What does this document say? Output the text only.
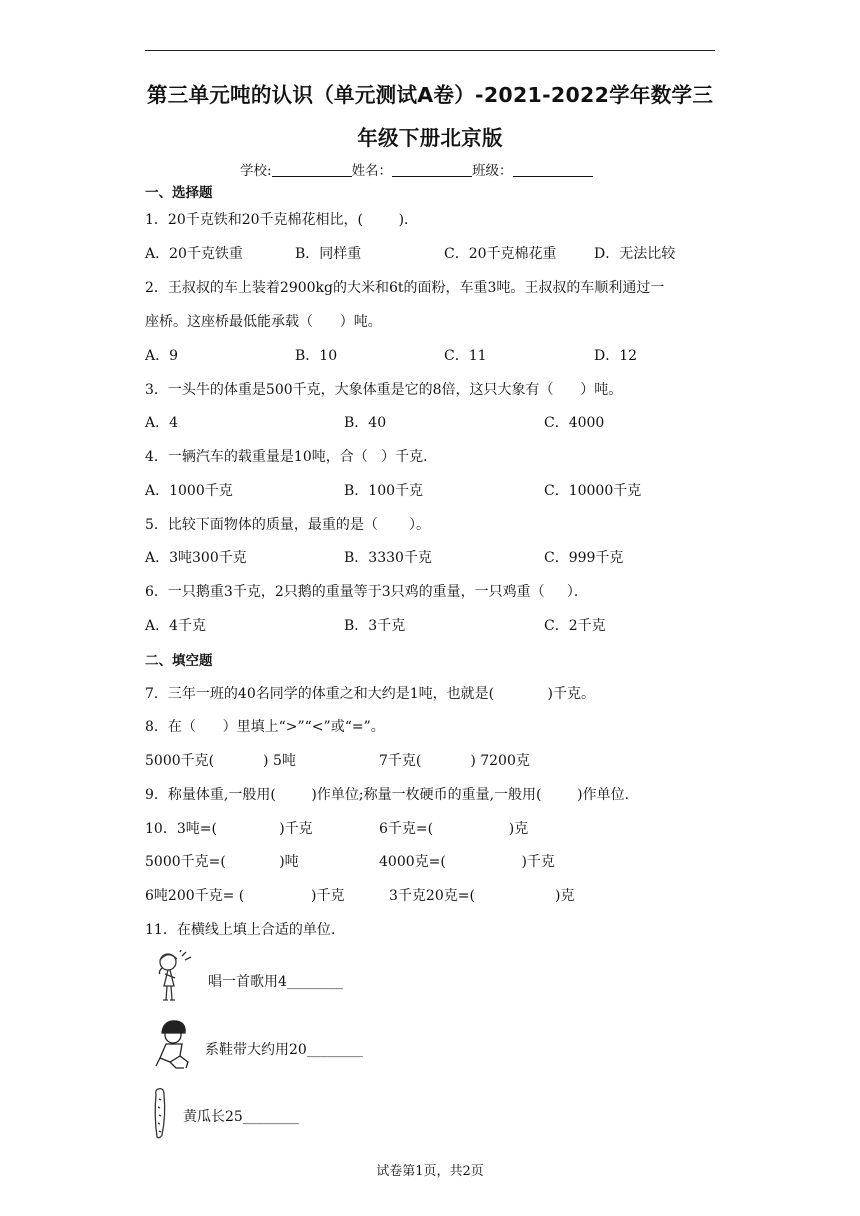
第三单元吨的认识（单元测试A卷）-2021-2022学年数学三
年级下册北京版
学校:	姓名：	班级：
一、选择题
1．20千克铁和20千克棉花相比，(        )．
A．20千克铁重	B．同样重	C．20千克棉花重	D．无法比较
2．王叔叔的车上装着2900kg的大米和6t的面粉，车重3吨。王叔叔的车顺利通过一
座桥。这座桥最低能承载（      ）吨。
A．9	B．10	C．11	D．12
3．一头牛的体重是500千克，大象体重是它的8倍，这只大象有（      ）吨。
A．4	B．40	C．4000
4．一辆汽车的载重量是10吨，合（   ）千克．
A．1000千克	B．100千克	C．10000千克
5．比较下面物体的质量，最重的是（       ）。
A．3吨300千克	B．3330千克	C．999千克
6．一只鹅重3千克，2只鹅的重量等于3只鸡的重量，一只鸡重（     ）．
A．4千克	B．3千克	C．2千克
二、填空题
7．三年一班的40名同学的体重之和大约是1吨，也就是(            )千克。
8．在（      ）里填上“>”“<”或“=”。
5000千克(           ) 5吨	7千克(           ) 7200克
9．称量体重,一般用(        )作单位;称量一枚硬币的重量,一般用(        )作单位.
10．3吨=(              )千克	6千克=(                 )克
5000千克=(            )吨	4000克=(                 )千克
6吨200千克= (               )千克	3千克20克=(                  )克
11．在横线上填上合适的单位.
唱一首歌用4________
系鞋带大约用20________
黄瓜长25________
试卷第1页，共2页
